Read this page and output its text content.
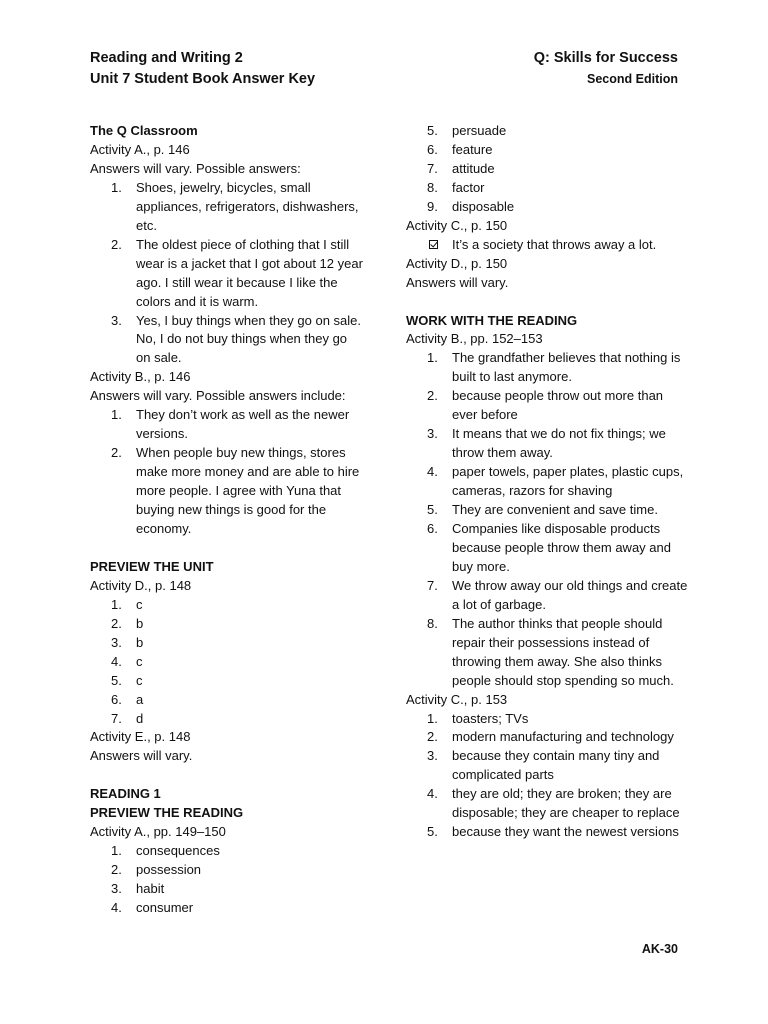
Reading and Writing 2
Unit 7 Student Book Answer Key
Q: Skills for Success
Second Edition
The Q Classroom
Activity A., p. 146
Answers will vary. Possible answers:
1. Shoes, jewelry, bicycles, small appliances, refrigerators, dishwashers, etc.
2. The oldest piece of clothing that I still wear is a jacket that I got about 12 year ago. I still wear it because I like the colors and it is warm.
3. Yes, I buy things when they go on sale. No, I do not buy things when they go on sale.
Activity B., p. 146
Answers will vary. Possible answers include:
1. They don’t work as well as the newer versions.
2. When people buy new things, stores make more money and are able to hire more people. I agree with Yuna that buying new things is good for the economy.
PREVIEW THE UNIT
Activity D., p. 148
1. c
2. b
3. b
4. c
5. c
6. a
7. d
Activity E., p. 148
Answers will vary.
READING 1
PREVIEW THE READING
Activity A., pp. 149–150
1. consequences
2. possession
3. habit
4. consumer
5. persuade
6. feature
7. attitude
8. factor
9. disposable
Activity C., p. 150
It’s a society that throws away a lot.
Activity D., p. 150
Answers will vary.
WORK WITH THE READING
Activity B., pp. 152–153
1. The grandfather believes that nothing is built to last anymore.
2. because people throw out more than ever before
3. It means that we do not fix things; we throw them away.
4. paper towels, paper plates, plastic cups, cameras, razors for shaving
5. They are convenient and save time.
6. Companies like disposable products because people throw them away and buy more.
7. We throw away our old things and create a lot of garbage.
8. The author thinks that people should repair their possessions instead of throwing them away. She also thinks people should stop spending so much.
Activity C., p. 153
1. toasters; TVs
2. modern manufacturing and technology
3. because they contain many tiny and complicated parts
4. they are old; they are broken; they are disposable; they are cheaper to replace
5. because they want the newest versions
AK-30
